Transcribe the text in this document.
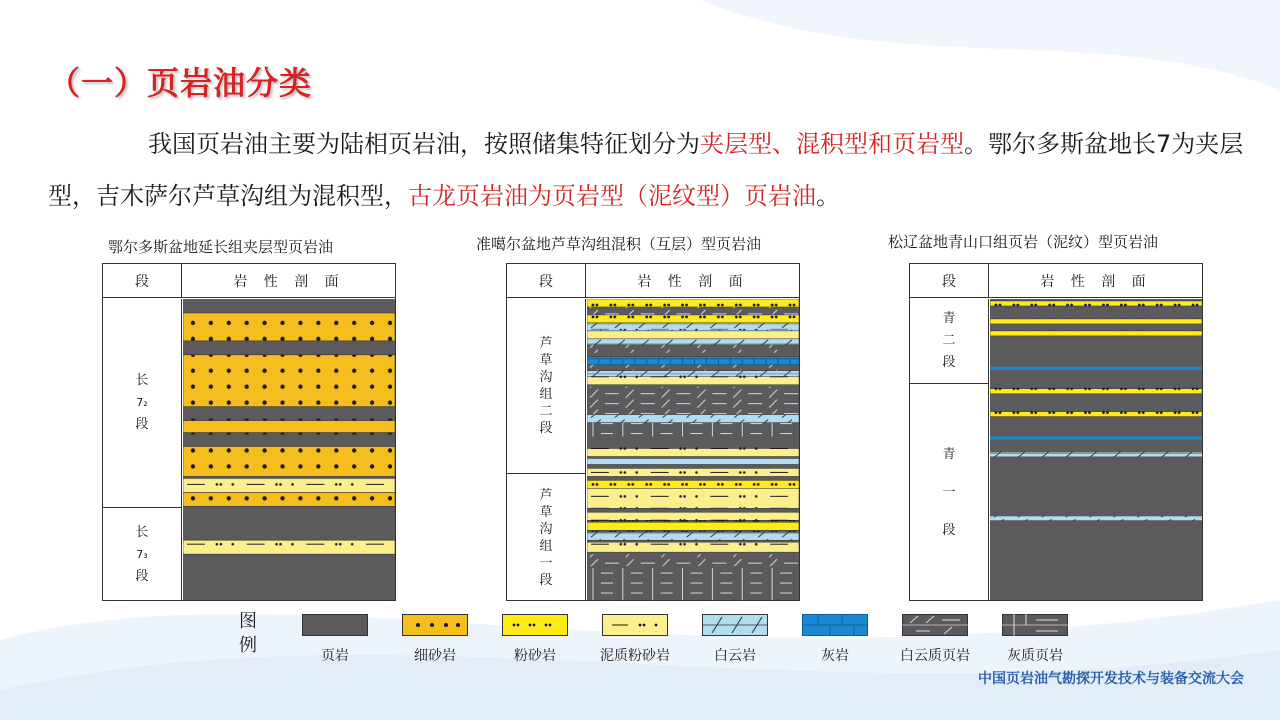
（一）页岩油分类
我国页岩油主要为陆相页岩油，按照储集特征划分为夹层型、混积型和页岩型。鄂尔多斯盆地长7为夹层型，吉木萨尔芦草沟组为混积型，古龙页岩油为页岩型（泥纹型）页岩油。
鄂尔多斯盆地延长组夹层型页岩油	准噶尔盆地芦草沟组混积（互层）型页岩油	松辽盆地青山口组页岩（泥纹）型页岩油
段	岩 性 剖 面
长
7₂
段
长
7₃
段
段	岩 性 剖 面
芦
草
沟
组
二
段
芦
草
沟
组
一
段
段	岩 性 剖 面
青
二
段
青
一
段
图例	页岩	细砂岩	粉砂岩	泥质粉砂岩	白云岩	灰岩	白云质页岩	灰质页岩
中国页岩油气勘探开发技术与装备交流大会
